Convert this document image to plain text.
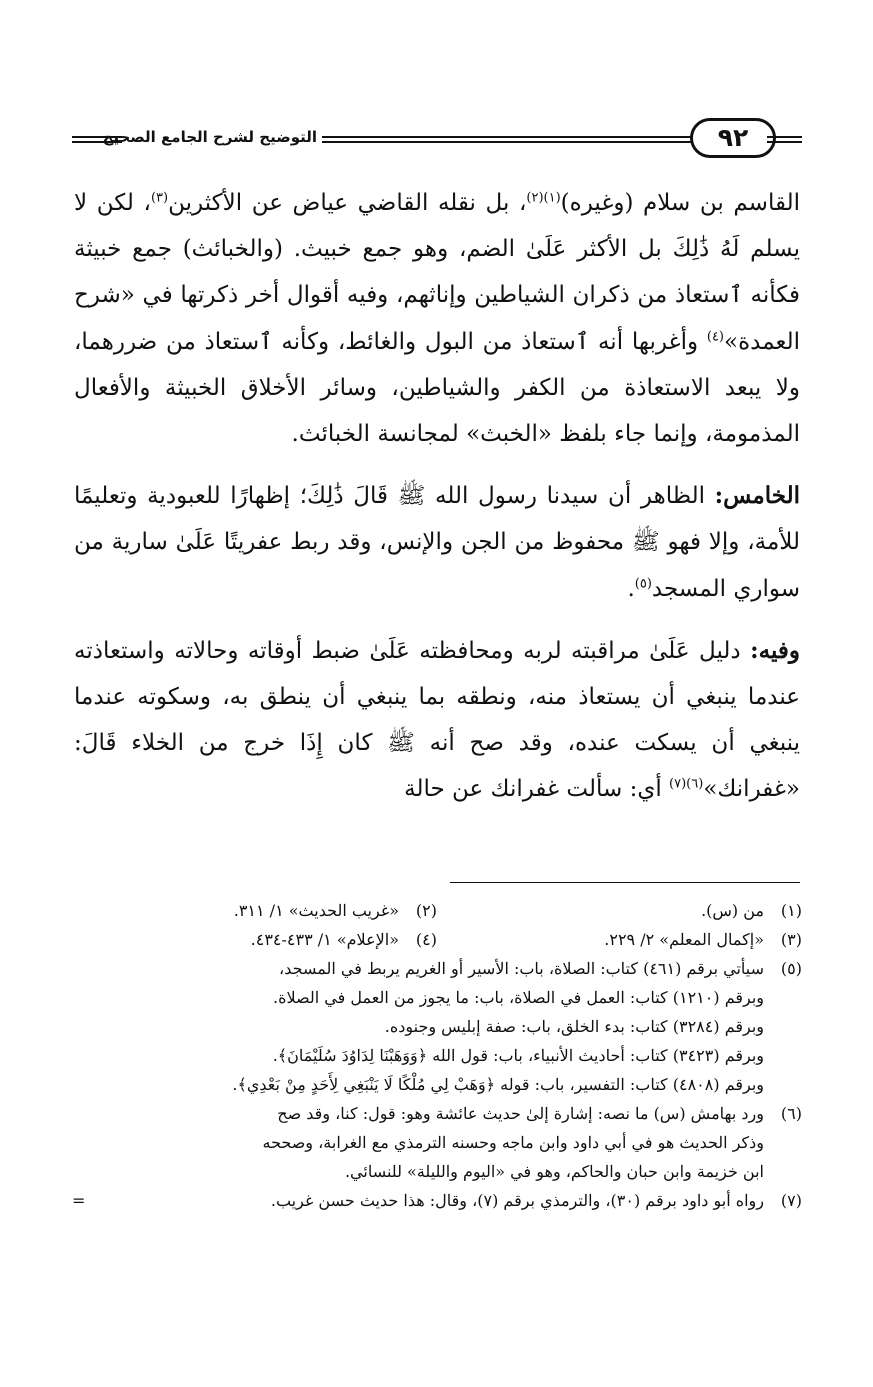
التوضيح لشرح الجامع الصحيح	٩٢

القاسم بن سلام (وغيره)$^{(١)(٢)}$، بل نقله القاضي عياض عن الأكثرين$^{(٣)}$، لكن لا يسلم لَهُ ذَٰلِكَ بل الأكثر عَلَىٰ الضم، وهو جمع خبيث. (والخبائث) جمع خبيثة فكأنه ٱستعاذ من ذكران الشياطين وإناثهم، وفيه أقوال أخر ذكرتها في «شرح العمدة»$^{(٤)}$ وأغربها أنه ٱستعاذ من البول والغائط، وكأنه ٱستعاذ من ضررهما، ولا يبعد الاستعاذة من الكفر والشياطين، وسائر الأخلاق الخبيثة والأفعال المذمومة، وإنما جاء بلفظ «الخبث» لمجانسة الخبائث.

الخامس: الظاهر أن سيدنا رسول الله ﷺ قَالَ ذَٰلِكَ؛ إظهارًا للعبودية وتعليمًا للأمة، وإلا فهو ﷺ محفوظ من الجن والإنس، وقد ربط عفريتًا عَلَىٰ سارية من سواري المسجد$^{(٥)}$.

وفيه: دليل عَلَىٰ مراقبته لربه ومحافظته عَلَىٰ ضبط أوقاته وحالاته واستعاذته عندما ينبغي أن يستعاذ منه، ونطقه بما ينبغي أن ينطق به، وسكوته عندما ينبغي أن يسكت عنده، وقد صح أنه ﷺ كان إِذَا خرج من الخلاء قَالَ: «غفرانك»$^{(٦)(٧)}$ أي: سألت غفرانك عن حالة

(١)
من (س).
(٢)
«غريب الحديث» ١/ ٣١١.
(٣)
«إكمال المعلم» ٢/ ٢٢٩.
(٤)
«الإعلام» ١/ ٤٣٣-٤٣٤.
(٥)
سيأتي برقم (٤٦١) كتاب: الصلاة، باب: الأسير أو الغريم يربط في المسجد،
وبرقم (١٢١٠) كتاب: العمل في الصلاة، باب: ما يجوز من العمل في الصلاة.
وبرقم (٣٢٨٤) كتاب: بدء الخلق، باب: صفة إبليس وجنوده.
وبرقم (٣٤٢٣) كتاب: أحاديث الأنبياء، باب: قول الله ﴿وَوَهَبْنَا لِدَاوُدَ سُلَيْمَانَ﴾.
وبرقم (٤٨٠٨) كتاب: التفسير، باب: قوله ﴿وَهَبْ لِي مُلْكًا لَا يَنْبَغِي لِأَحَدٍ مِنْ بَعْدِي﴾.
(٦)
ورد بهامش (س) ما نصه: إشارة إلىٰ حديث عائشة وهو: قول: كنا، وقد صح
وذكر الحديث هو في أبي داود وابن ماجه وحسنه الترمذي مع الغرابة، وصححه
ابن خزيمة وابن حبان والحاكم، وهو في «اليوم والليلة» للنسائي.
(٧)
رواه أبو داود برقم (٣٠)، والترمذي برقم (٧)، وقال: هذا حديث حسن غريب.
=
